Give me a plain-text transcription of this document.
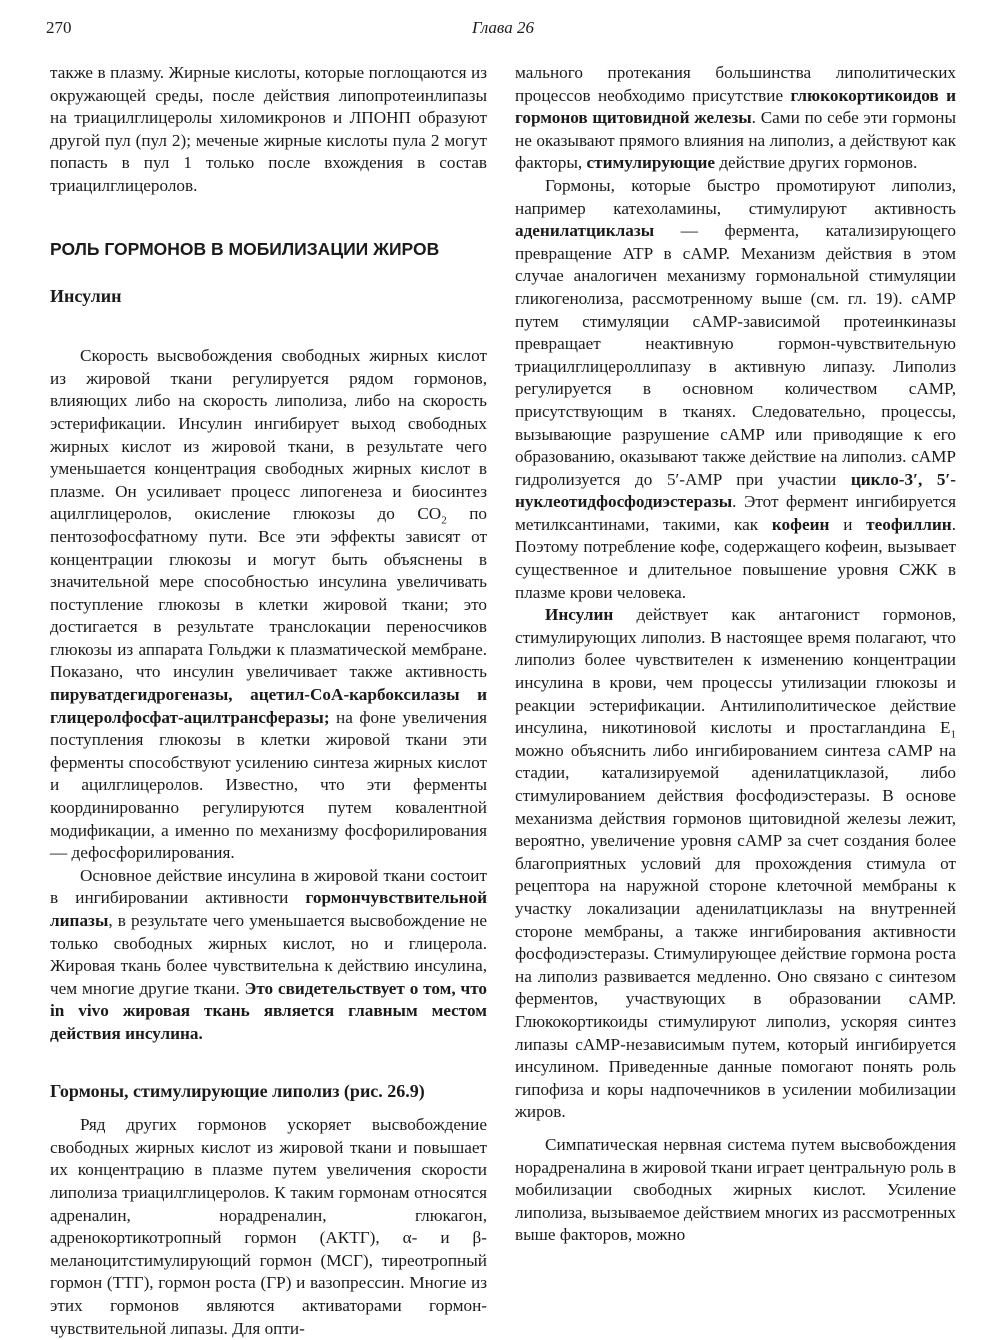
270	Глава 26

также в плазму. Жирные кислоты, которые поглощаются из окружающей среды, после действия липопротеинлипазы на триацилглицеролы хиломикронов и ЛПОНП образуют другой пул (пул 2); меченые жирные кислоты пула 2 могут попасть в пул 1 только после вхождения в состав триацилглицеролов.

РОЛЬ ГОРМОНОВ В МОБИЛИЗАЦИИ ЖИРОВ
Инсулин

Скорость высвобождения свободных жирных кислот из жировой ткани регулируется рядом гормонов, влияющих либо на скорость липолиза, либо на скорость эстерификации. Инсулин ингибирует выход свободных жирных кислот из жировой ткани, в результате чего уменьшается концентрация свободных жирных кислот в плазме. Он усиливает процесс липогенеза и биосинтез ацилглицеролов, окисление глюкозы до $CO_2$ по пентозофосфатному пути. Все эти эффекты зависят от концентрации глюкозы и могут быть объяснены в значительной мере способностью инсулина увеличивать поступление глюкозы в клетки жировой ткани; это достигается в результате транслокации переносчиков глюкозы из аппарата Гольджи к плазматической мембране. Показано, что инсулин увеличивает также активность пируватдегидрогеназы, ацетил-CoA-карбоксилазы и глицеролфосфат-ацилтрансферазы; на фоне увеличения поступления глюкозы в клетки жировой ткани эти ферменты способствуют усилению синтеза жирных кислот и ацилглицеролов. Известно, что эти ферменты координированно регулируются путем ковалентной модификации, а именно по механизму фосфорилирования — дефосфорилирования.

Основное действие инсулина в жировой ткани состоит в ингибировании активности гормончувствительной липазы, в результате чего уменьшается высвобождение не только свободных жирных кислот, но и глицерола. Жировая ткань более чувствительна к действию инсулина, чем многие другие ткани. Это свидетельствует о том, что in vivo жировая ткань является главным местом действия инсулина.

Гормоны, стимулирующие липолиз (рис. 26.9)

Ряд других гормонов ускоряет высвобождение свободных жирных кислот из жировой ткани и повышает их концентрацию в плазме путем увеличения скорости липолиза триацилглицеролов. К таким гормонам относятся адреналин, норадреналин, глюкагон, адренокортикотропный гормон (АКТГ), α- и β-меланоцитстимулирующий гормон (МСГ), тиреотропный гормон (ТТГ), гормон роста (ГР) и вазопрессин. Многие из этих гормонов являются активаторами гормон-чувствительной липазы. Для опти-

мального протекания большинства липолитических процессов необходимо присутствие глюкокортикоидов и гормонов щитовидной железы. Сами по себе эти гормоны не оказывают прямого влияния на липолиз, а действуют как факторы, стимулирующие действие других гормонов.

Гормоны, которые быстро промотируют липолиз, например катехоламины, стимулируют активность аденилатциклазы — фермента, катализирующего превращение ATP в cAMP. Механизм действия в этом случае аналогичен механизму гормональной стимуляции гликогенолиза, рассмотренному выше (см. гл. 19). cAMP путем стимуляции cAMP-зависимой протеинкиназы превращает неактивную гормон-чувствительную триацилглицероллипазу в активную липазу. Липолиз регулируется в основном количеством cAMP, присутствующим в тканях. Следовательно, процессы, вызывающие разрушение cAMP или приводящие к его образованию, оказывают также действие на липолиз. cAMP гидролизуется до 5′-AMP при участии цикло-3′, 5′-нуклеотидфосфодиэстеразы. Этот фермент ингибируется метилксантинами, такими, как кофеин и теофиллин. Поэтому потребление кофе, содержащего кофеин, вызывает существенное и длительное повышение уровня СЖК в плазме крови человека.

Инсулин действует как антагонист гормонов, стимулирующих липолиз. В настоящее время полагают, что липолиз более чувствителен к изменению концентрации инсулина в крови, чем процессы утилизации глюкозы и реакции эстерификации. Антилиполитическое действие инсулина, никотиновой кислоты и простагландина $E_1$ можно объяснить либо ингибированием синтеза cAMP на стадии, катализируемой аденилатциклазой, либо стимулированием действия фосфодиэстеразы. В основе механизма действия гормонов щитовидной железы лежит, вероятно, увеличение уровня cAMP за счет создания более благоприятных условий для прохождения стимула от рецептора на наружной стороне клеточной мембраны к участку локализации аденилатциклазы на внутренней стороне мембраны, а также ингибирования активности фосфодиэстеразы. Стимулирующее действие гормона роста на липолиз развивается медленно. Оно связано с синтезом ферментов, участвующих в образовании cAMP. Глюкокортикоиды стимулируют липолиз, ускоряя синтез липазы cAMP-независимым путем, который ингибируется инсулином. Приведенные данные помогают понять роль гипофиза и коры надпочечников в усилении мобилизации жиров.

Симпатическая нервная система путем высвобождения норадреналина в жировой ткани играет центральную роль в мобилизации свободных жирных кислот. Усиление липолиза, вызываемое действием многих из рассмотренных выше факторов, можно
